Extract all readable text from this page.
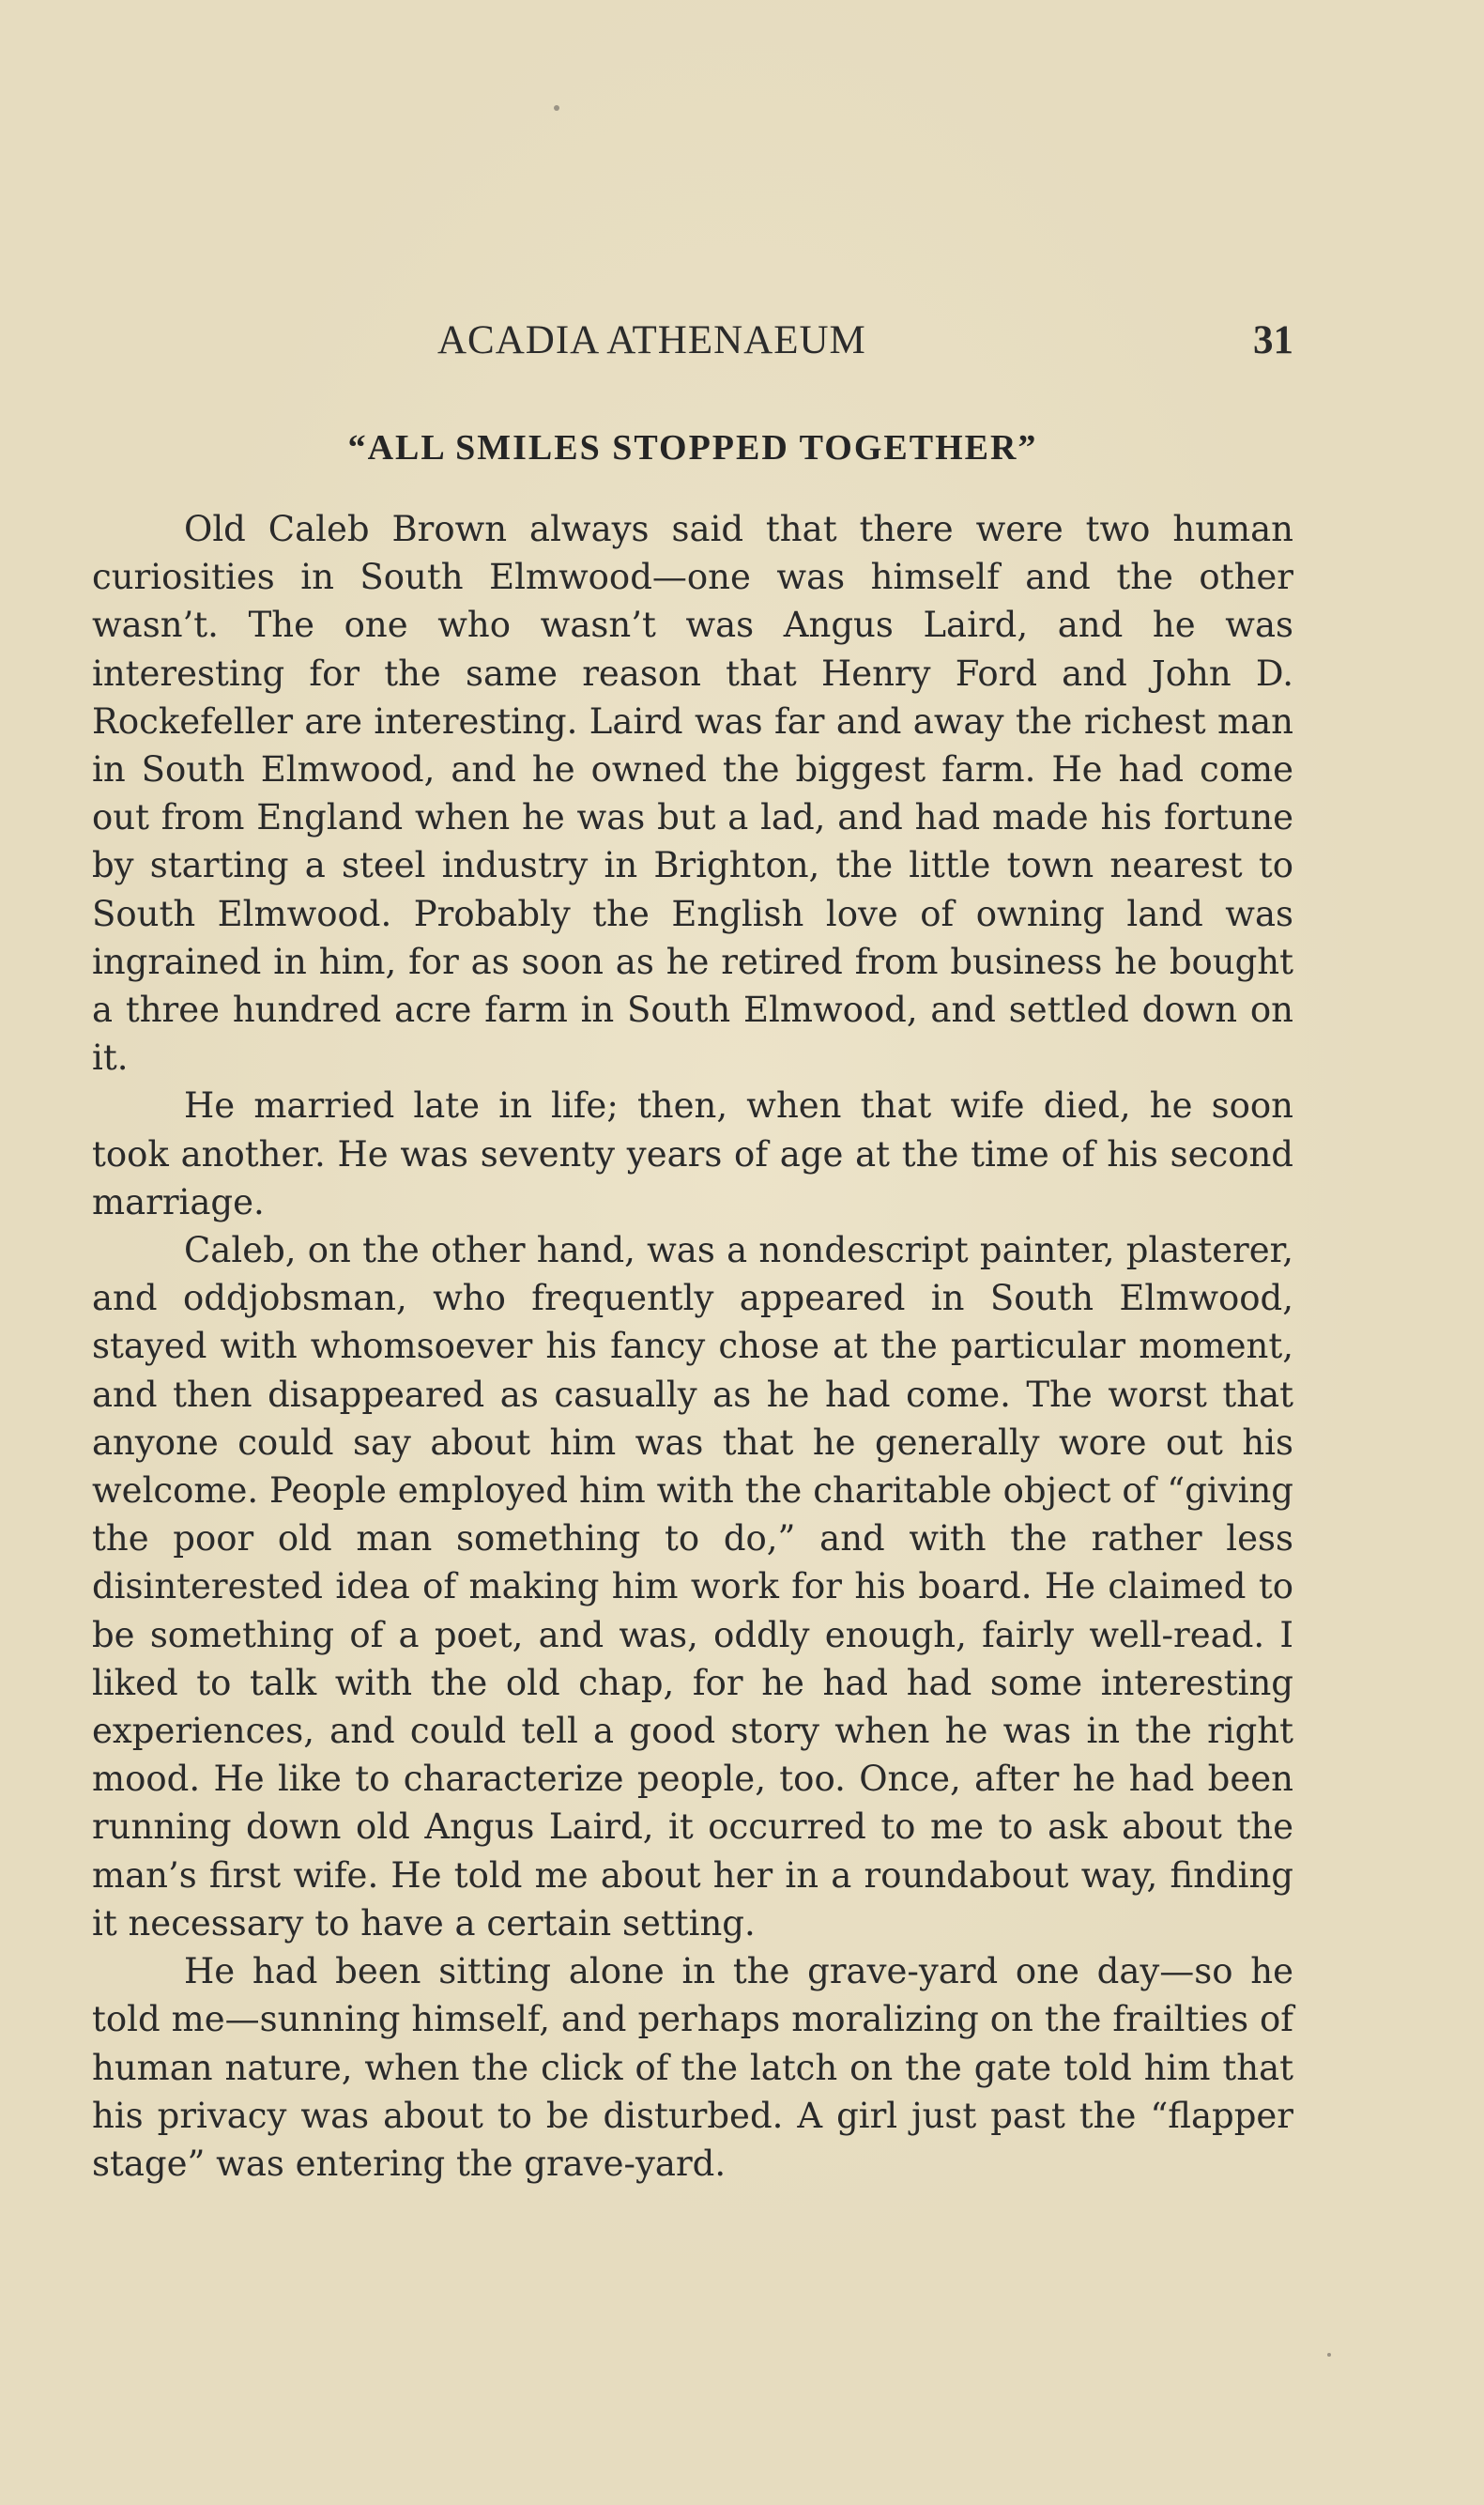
ACADIA ATHENAEUM	31
“ALL SMILES STOPPED TOGETHER”

Old Caleb Brown always said that there were two human curiosities in South Elmwood—one was himself and the other wasn’t. The one who wasn’t was Angus Laird, and he was interesting for the same reason that Henry Ford and John D. Rockefeller are interesting. Laird was far and away the richest man in South Elmwood, and he owned the biggest farm. He had come out from England when he was but a lad, and had made his fortune by starting a steel industry in Brighton, the little town nearest to South Elmwood. Probably the English love of owning land was ingrained in him, for as soon as he retired from business he bought a three hundred acre farm in South Elmwood, and settled down on it.

He married late in life; then, when that wife died, he soon took another. He was seventy years of age at the time of his second marriage.

Caleb, on the other hand, was a nondescript painter, plasterer, and oddjobsman, who frequently appeared in South Elmwood, stayed with whomsoever his fancy chose at the particular moment, and then disappeared as casually as he had come. The worst that anyone could say about him was that he generally wore out his welcome. People employed him with the charitable object of “giving the poor old man something to do,” and with the rather less disinterested idea of making him work for his board. He claimed to be something of a poet, and was, oddly enough, fairly well-read. I liked to talk with the old chap, for he had had some interesting experiences, and could tell a good story when he was in the right mood. He like to characterize people, too. Once, after he had been running down old Angus Laird, it occurred to me to ask about the man’s first wife. He told me about her in a roundabout way, finding it necessary to have a certain setting.

He had been sitting alone in the grave-yard one day—so he told me—sunning himself, and perhaps moralizing on the frailties of human nature, when the click of the latch on the gate told him that his privacy was about to be disturbed. A girl just past the “flapper stage” was entering the grave-yard.
